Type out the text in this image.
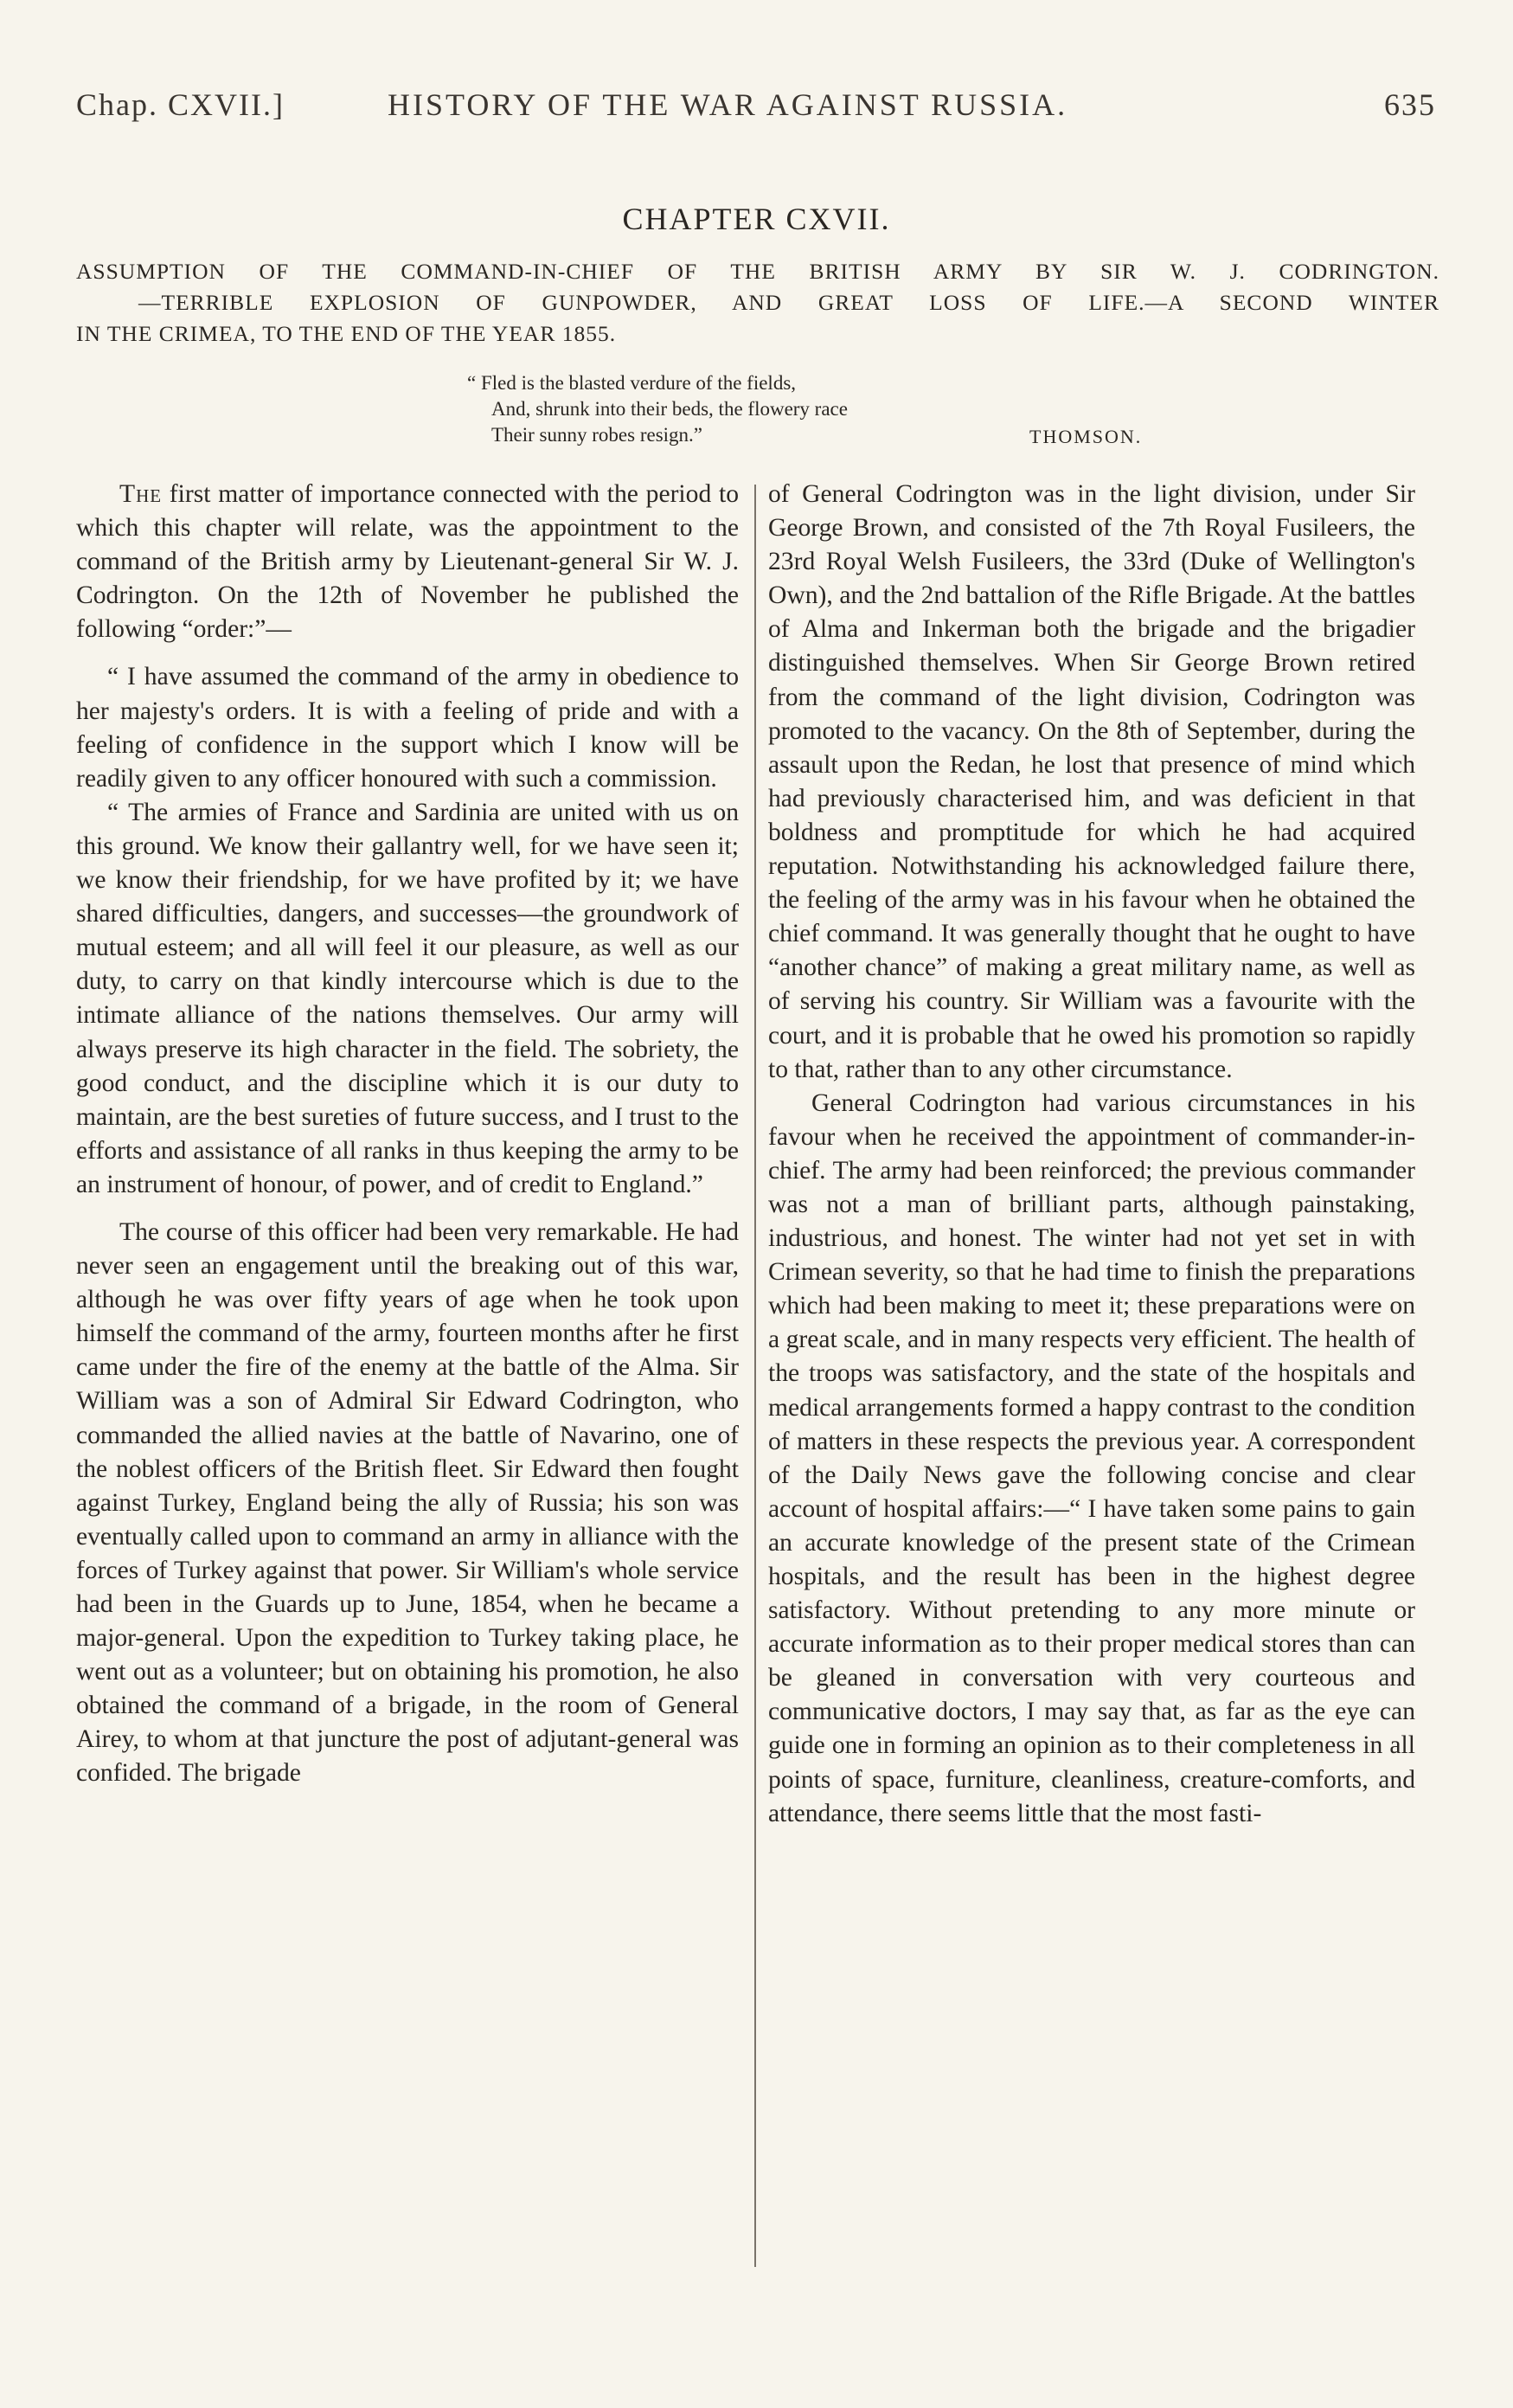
Chap. CXVII.]	HISTORY OF THE WAR AGAINST RUSSIA.	635
CHAPTER CXVII.
ASSUMPTION OF THE COMMAND-IN-CHIEF OF THE BRITISH ARMY BY SIR W. J. CODRINGTON.
—TERRIBLE EXPLOSION OF GUNPOWDER, AND GREAT LOSS OF LIFE.—A SECOND WINTER
IN THE CRIMEA, TO THE END OF THE YEAR 1855.
“ Fled is the blasted verdure of the fields,
And, shrunk into their beds, the flowery race
Their sunny robes resign.”	THOMSON.

The first matter of importance connected with the period to which this chapter will relate, was the appointment to the command of the British army by Lieutenant-general Sir W. J. Codrington. On the 12th of November he published the following “order:”—

“ I have assumed the command of the army in obedience to her majesty's orders. It is with a feeling of pride and with a feeling of confidence in the support which I know will be readily given to any officer honoured with such a commission.

“ The armies of France and Sardinia are united with us on this ground. We know their gallantry well, for we have seen it; we know their friendship, for we have profited by it; we have shared difficulties, dangers, and successes—the groundwork of mutual esteem; and all will feel it our pleasure, as well as our duty, to carry on that kindly intercourse which is due to the intimate alliance of the nations themselves. Our army will always preserve its high character in the field. The sobriety, the good conduct, and the discipline which it is our duty to maintain, are the best sureties of future success, and I trust to the efforts and assistance of all ranks in thus keeping the army to be an instrument of honour, of power, and of credit to England.”

The course of this officer had been very remarkable. He had never seen an engagement until the breaking out of this war, although he was over fifty years of age when he took upon himself the command of the army, fourteen months after he first came under the fire of the enemy at the battle of the Alma. Sir William was a son of Admiral Sir Edward Codrington, who commanded the allied navies at the battle of Navarino, one of the noblest officers of the British fleet. Sir Edward then fought against Turkey, England being the ally of Russia; his son was eventually called upon to command an army in alliance with the forces of Turkey against that power. Sir William's whole service had been in the Guards up to June, 1854, when he became a major-general. Upon the expedition to Turkey taking place, he went out as a volunteer; but on obtaining his promotion, he also obtained the command of a brigade, in the room of General Airey, to whom at that juncture the post of adjutant-general was confided. The brigade

of General Codrington was in the light division, under Sir George Brown, and consisted of the 7th Royal Fusileers, the 23rd Royal Welsh Fusileers, the 33rd (Duke of Wellington's Own), and the 2nd battalion of the Rifle Brigade. At the battles of Alma and Inkerman both the brigade and the brigadier distinguished themselves. When Sir George Brown retired from the command of the light division, Codrington was promoted to the vacancy. On the 8th of September, during the assault upon the Redan, he lost that presence of mind which had previously characterised him, and was deficient in that boldness and promptitude for which he had acquired reputation. Notwithstanding his acknowledged failure there, the feeling of the army was in his favour when he obtained the chief command. It was generally thought that he ought to have “another chance” of making a great military name, as well as of serving his country. Sir William was a favourite with the court, and it is probable that he owed his promotion so rapidly to that, rather than to any other circumstance.

General Codrington had various circumstances in his favour when he received the appointment of commander-in-chief. The army had been reinforced; the previous commander was not a man of brilliant parts, although painstaking, industrious, and honest. The winter had not yet set in with Crimean severity, so that he had time to finish the preparations which had been making to meet it; these preparations were on a great scale, and in many respects very efficient. The health of the troops was satisfactory, and the state of the hospitals and medical arrangements formed a happy contrast to the condition of matters in these respects the previous year. A correspondent of the Daily News gave the following concise and clear account of hospital affairs:—“ I have taken some pains to gain an accurate knowledge of the present state of the Crimean hospitals, and the result has been in the highest degree satisfactory. Without pretending to any more minute or accurate information as to their proper medical stores than can be gleaned in conversation with very courteous and communicative doctors, I may say that, as far as the eye can guide one in forming an opinion as to their completeness in all points of space, furniture, cleanliness, creature-comforts, and attendance, there seems little that the most fasti-
